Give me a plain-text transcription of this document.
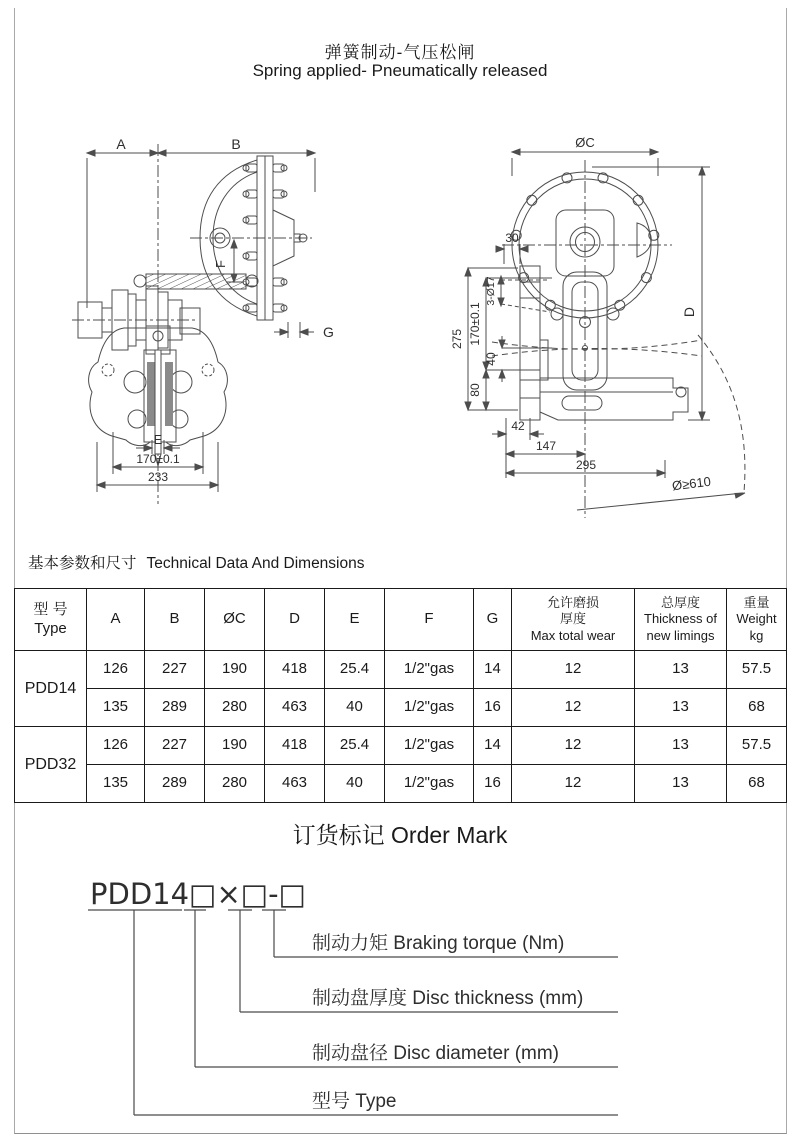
弹簧制动-气压松闸
Spring applied- Pneumatically released
A	B
F
G
E
170±0.1
233
ØC
D
30
3-Ø17
170±0.1
275
40
80
42
147
295
Ø≥610
基本参数和尺寸 Technical Data And Dimensions
型 号
Type	A	B	ØC	D	E	F	G	允许磨损
厚度
Max total wear	总厚度
Thickness of
new limings	重量
Weight
kg
PDD14	126	227	190	418	25.4	1/2"gas	14	12	13	57.5
	135	289	280	463	40	1/2"gas	16	12	13	68
PDD32	126	227	190	418	25.4	1/2"gas	14	12	13	57.5
	135	289	280	463	40	1/2"gas	16	12	13	68
订货标记 Order Mark
PDD14□×□-□
制动力矩 Braking torque (Nm)
制动盘厚度 Disc thickness (mm)
制动盘径 Disc diameter (mm)
型号 Type
